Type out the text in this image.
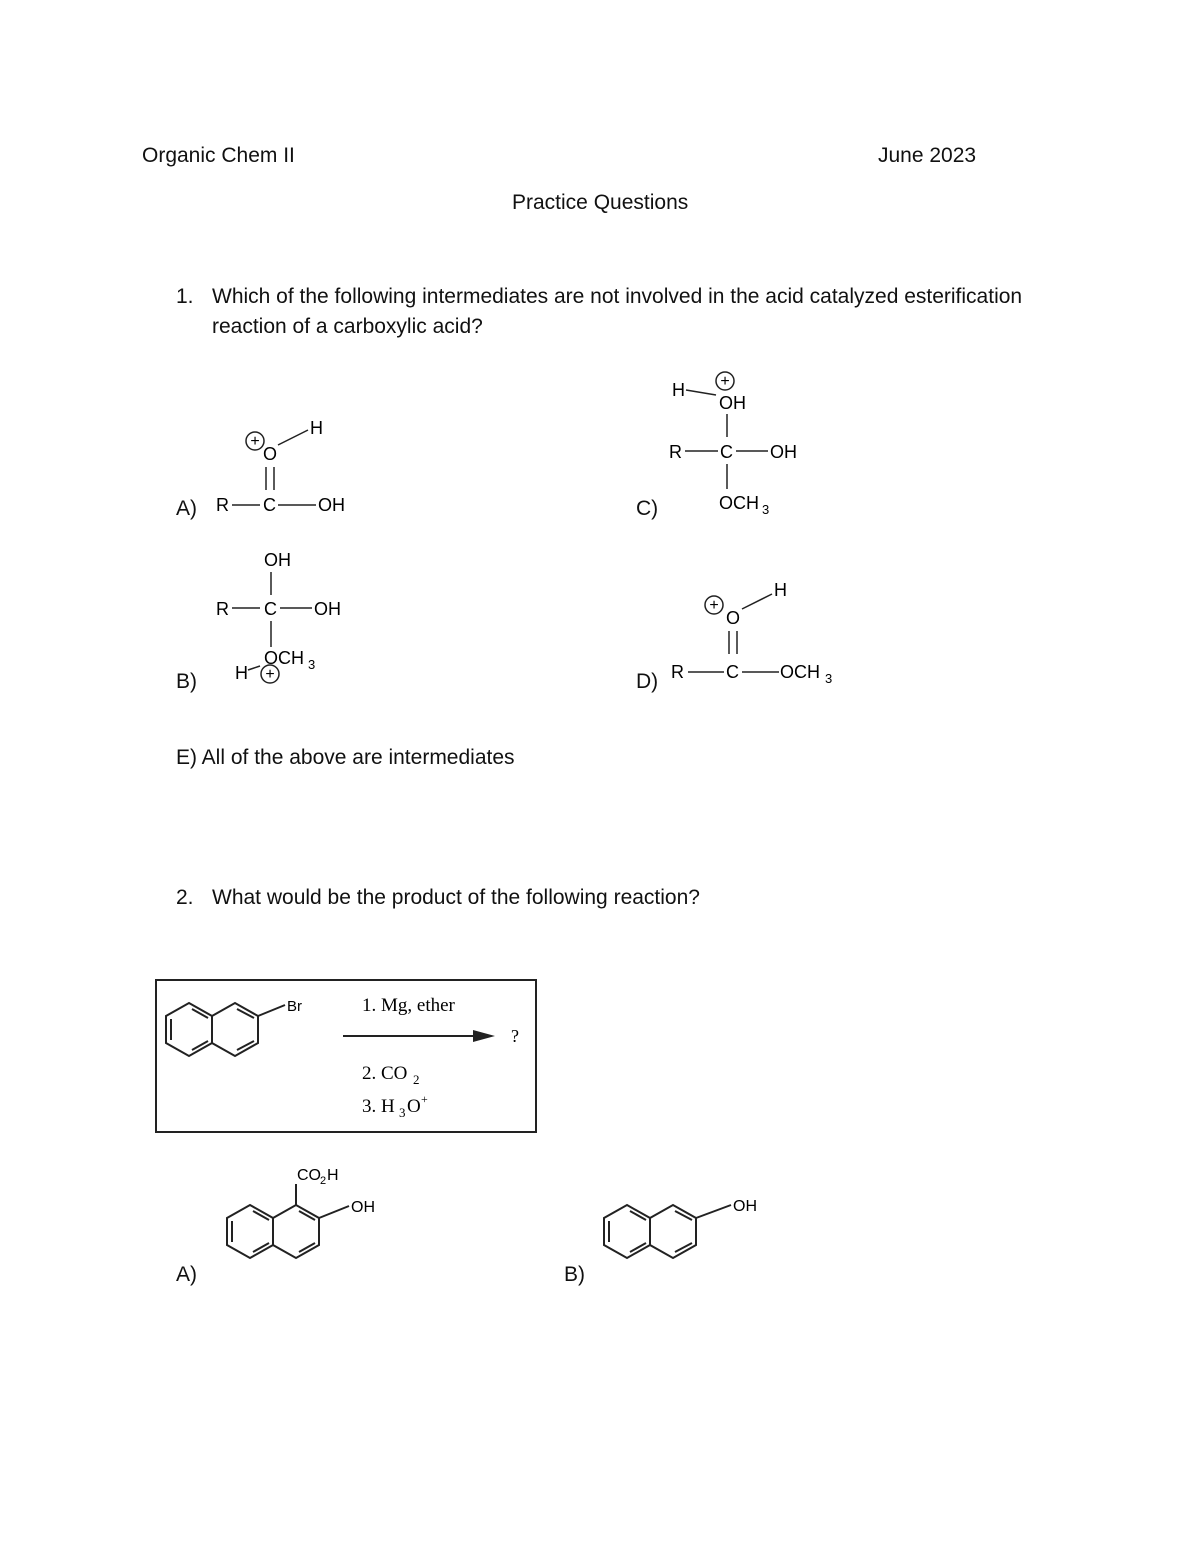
Organic Chem II	June 2023
Practice Questions
1. Which of the following intermediates are not involved in the acid catalyzed esterification reaction of a carboxylic acid?
A)
+
O
H
R C OH
B)
OH
R C OH
OCH 3
H +
C)
+
H
OH
R C OH
OCH 3
D)
+
O
H
R C OCH 3
E) All of the above are intermediates
2. What would be the product of the following reaction?
Br	1. Mg, ether
?
2. CO 2
3. H 3 O +
A)
CO 2 H
OH
B)
OH
